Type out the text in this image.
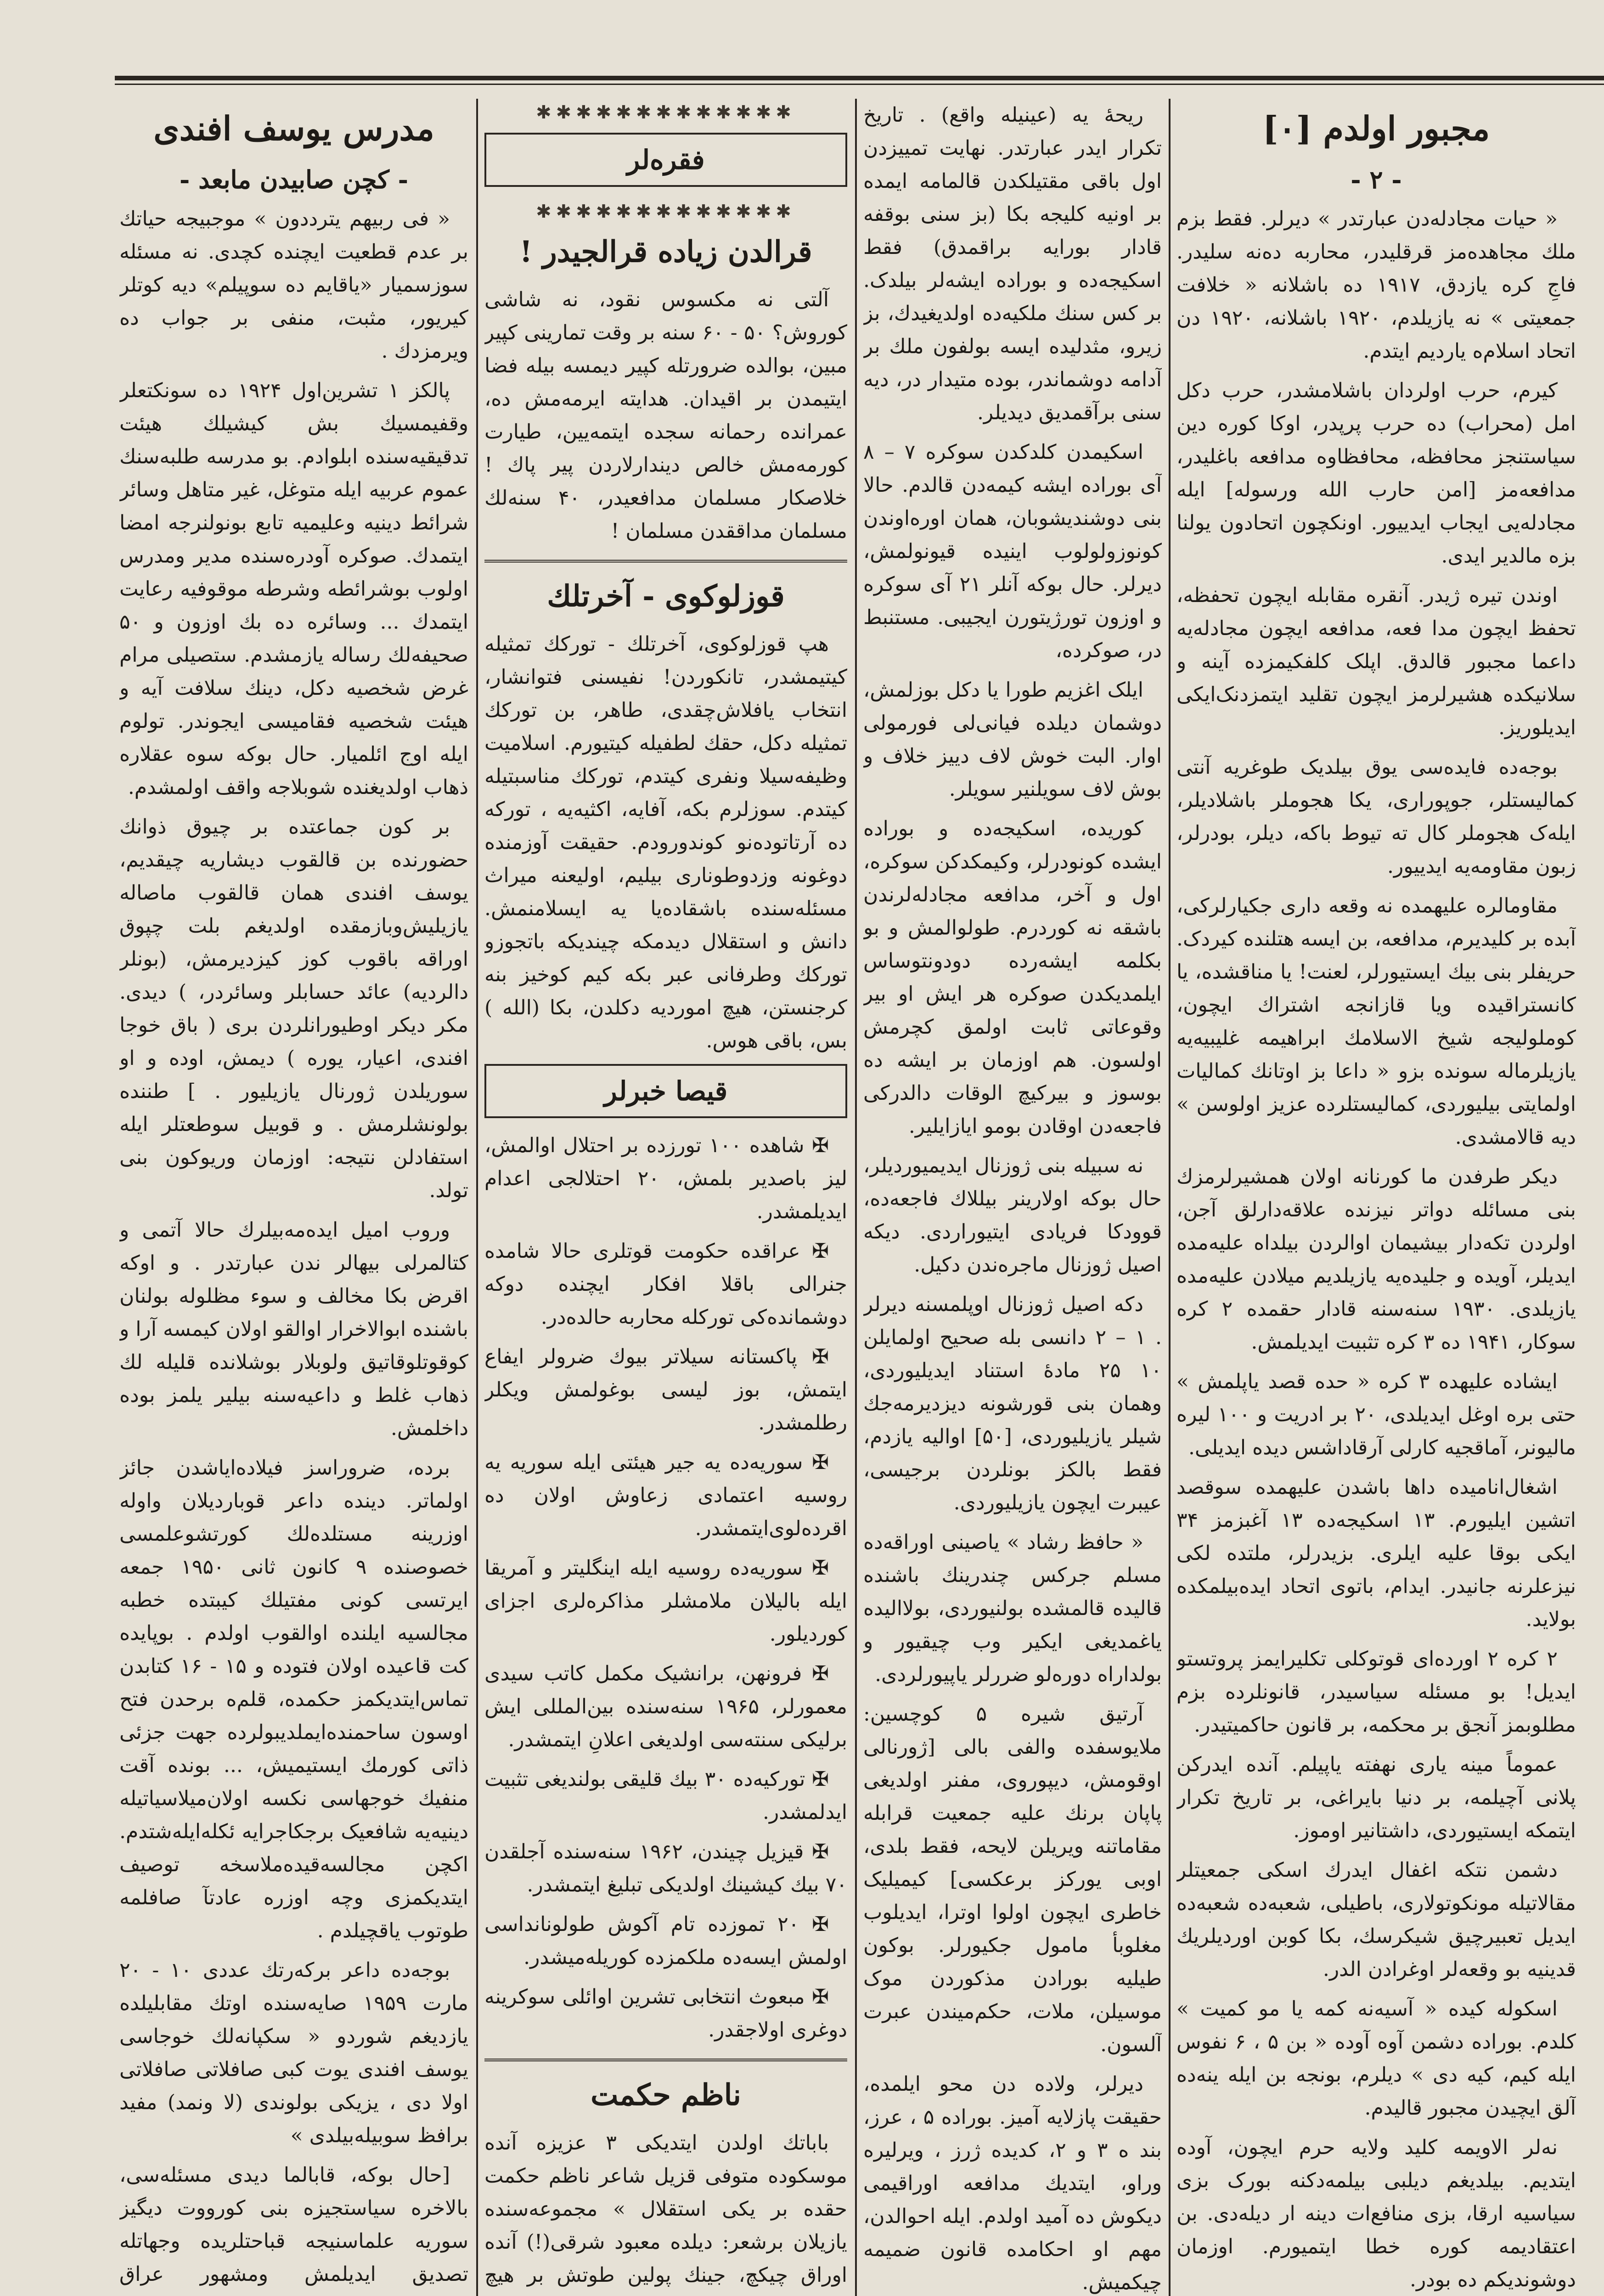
مجبور اولدم [۰]
- ۲ -

« حیات مجادله‌دن عبارتدر » دیرلر. فقط بزم ملك مجاهده‌مز قرقلیدر، محاربه ده‌نه سلیدر. فاجِ کره یازدق، ۱۹۱۷ ده باشلانه « خلافت جمعیتی » نه یازیلدم، ۱۹۲۰ باشلانه، ۱۹۲۰ دن اتحاد اسلام‌ه یاردیم ایتدم.

کیرم، حرب اولردان باشلامشدر، حرب دکل امل (محراب) ده حرب پرپدر، اوکا کوره دین سیاستنجز محافظه، محافظاوه مدافعه باغلیدر، مدافعه‌مز [امن حارب الله ورسوله] ایله مجادله‌یی ایجاب ایدییور. اونکچون اتحادون یولنا بزه مالدیر ایدی.

اوندن تیره ژیدر. آنقره مقابله ایچون تحفظه، تحفظ ایچون مدا فعه، مدافعه ایچون مجادله‌یه داعما مجبور قالدق. اپلک کلفکیمزده آینه و سلانیکده هشیرلرمز ایچون تقلید ایتمزدنک‌ایکی ایدیلوریز.

بوجه‌ده فایده‌سی یوق بیلدیک طوغریه آنتی کمالیستلر، جوپوراری، یکا هجوملر باشلادیلر، ایله‌ک هجوملر کال ته تیوط باکه، دیلر، بودرلر، زبون مقاومه‌یه ایدییور.

مقاومالره علیهمده نه وقعه داری جکیارلرکی، آبده بر کلیدیرم، مدافعه، بن ایسه هتلنده کیردک. حریفلر بنی بیك ایستیورلر، لعنت! یا مناقشده، یا کانستراقیده ویا قازانجه اشتراك ایچون، کوملولیجه شیخ الاسلامك ابراهیمه غلیبیه‌یه یازیلر‌ماله سونده بزو « داعا بز اوتانك کمالیات اولمایتی بیلیوردی، کمالیستلرده عزیز اولوسن » دیه قالامشدی.

دیکر طرفدن ما کورنانه اولان همشیرلرمزك بنی مسائله دواتر نیزنده علاقه‌دارلق آجن، اولردن تکه‌دار بیشیمان اوالردن بیلداه علیه‌مده ایدیلر، آویده و جلیده‌یه یازیلدیم میلادن علیه‌مده یازیلدی. ۱۹۳۰ سنه‌سنه قادار حقمده ۲ کره سوکار، ۱۹۴۱ ده ۳ کره تثبیت ایدیلمش.

ایشاده علیهده ۳ کره « حده قصد یاپلمش » حتی بره اوغل ایدیلدی، ۲۰ بر ادریت و ۱۰۰ لیره مالیونر، آماقجیه کارلی آرقاداشس دیده ایدیلی.

اشغال‌انامیده داها باشدن علیهمده سوقصد اتشین ایلیورم. ۱۳ اسکیجه‌ده ۱۳ آغبزمز ۳۴ ایکی بوقا علیه ایلری. بزیدرلر، ملتده لکی نیزعلرنه جانیدر. ایدام، باتوی اتحاد ایده‌بیلمکده بولاید.

۲ کره ۲ اورده‌ای قوتوکلی تکلیرایمز پروتستو ایدیل! بو مسئله سیاسیدر، قانونلرده بزم مطلوبمز آنجق بر محکمه، بر قانون حاکمیتیدر.

عموماً مینه یاری نهفته یاپیلم. آنده ایدرکن پلانی آچیلمه، بر دنیا بایراغی، بر تاریخ تکرار ایتمکه ایستیوردی، داشتانیر اوموز.

دشمن نتکه اغفال ایدرك اسکی جمعیتلر مقالاتیله مونکوتولاری، باطیلی، شعبه‌ده شعبه‌ده ایدیل تعبیرچیق شیکرسك، بکا کوبن اوردیلریك قدینیه بو وقعه‌لر اوغرادن الدر.

اسکوله کیده « آسیه‌نه کمه یا مو کمیت » کلدم. بوراده دشمن آوه آوده « بن ۵ ، ۶ نفوس ایله کیم، کیه دی » دیلرم، بونجه بن ایله ینه‌ده آلق ایچیدن مجبور قالیدم.

نه‌لر الاویمه کلید ولایه حرم ایچون، آوده ایتدیم. بیلدیغم دیلبی بیلمه‌دکنه بورک بزی سیاسیه ارقا، بزی منافع‌ات دینه ار دیله‌دی. بن اعتقادیمه کوره خطا ایتمیورم. اوزمان دوشوندیکم ده بودر.

ریحهٔ یه (عینیله واقع) . تاریخ تکرار ایدر عبارتدر. نهایت تمییزدن اول باقی مقتیلکدن قالمامه ایمده بر اونیه کلیجه بکا (بز سنی بوقفه قادار بورایه براقمدق) فقط اسکیجه‌ده و بوراده ایشه‌لر بیلدک. بر کس سنك ملکیه‌ده اولدیغیدك، بز زیرو، مثدلیده ایسه بولفون ملك بر آدامه دوشماندر، بوده متیدار در، دیه سنی برآقمدیق دیدیلر.

اسکیمدن کلدکدن سوکره ۷ – ۸ آی بوراده ایشه کیمه‌دن قالدم. حالا بنی دوشندیشوبان، همان اوره‌اوندن کونوزولولوب اینیده قیونولمش، دیرلر. حال بوکه آنلر ۲۱ آی سوکره و اوزون تورژیتورن ایجیبی. مستنبط در، صوکرده،

ایلک اغزیم طورا یا دکل بوزلمش، دوشمان دیلده فیانی‌لی فورمولی اوار. البت خوش لاف دییز خلاف و بوش لاف سویلنیر سویلر.

کوریده، اسکیجه‌ده و بوراده ایشده کونودرلر، وکیمکدکن سوکره، اول و آخر، مدافعه مجادله‌لرندن باشقه نه کوردرم. طولوالمش و بو بکلمه ایشه‌رده دودونتوساس ایلمدیکدن صوکره هر ایش او بیر وقوعاتی ثابت اولمق کچرمش اولسون. هم اوزمان بر ایشه ده بو‌سوز و بیرکیچ الوقات دالدرکی فاجعه‌دن اوقادن بو‌مو ایاز‌ایلیر.

نه سبیله بنی ژوزنال ایدیمیوردیلر، حال بوکه اولارینر بیللاك فاجعه‌ده، قوودکا فریادی ایتیوراردی. دیکه اصیل ژوزنال ماجره‌ندن دکیل.

دکه اصیل ژوزنال اوپلمسنه دیرلر . ۱ – ۲ دانسی بله صحیح اولمایلن ۱۰ ۲۵ مادهٔ استناد ایدیلیوردی، وهمان بنی قورشونه دیزدیرمه‌جك شیلر یازیلیوردی، [۵۰] اوالیه یازدم، فقط بالکز بونلردن برجیسی، عیبرت ایچون یازیلیوردی.

« حافظ رشاد » یاصینی اوراقه‌ده مسلم جرکس چندرینك باشنده قالیده قالمشده بولنیوردی، بولاالیده یاغمدیغی ایکیر وب چیقیور و بولداراه دوره‌لو ضررلر یاپیورلردی.

آرتیق شیره ۵ کوچسین: ملایوسفده والفی بالی [ژورنالی اوقومش، دیپوروی، مفنر اولدیغی پاپان برنك علیه جمعیت قرابله مقاماتنه ویریلن لایحه، فقط بلدی، اوبی یورکز برعکسی] کیمیلیک خاطری ایچون اولوا اوترا، ایدیلوب مغلوبأ مامول جکیورلر. بوکون طیلیه بورادن مذکوردن موک موسیلن، ملات، حکم‌میندن عبرت آلسون.

دیرلر، ولاده دن محو ایلمده، حقیقت پازلایه آمیز. بوراده ۵ ، عرز، بند ه ۳ و ۲، کدیده ژرز ، ویرلیره وراو، ایتدیك مدافعه اوراقیمی دیکوش ده آمید اولدم. ایله احوالدن، مهم او احکامده قانون ضمیمه چیکمیش.

✱✱✱✱✱✱✱✱✱✱✱✱✱
فقره‌لر
✱✱✱✱✱✱✱✱✱✱✱✱✱
قرالدن زیاده قرالجیدر !

آلتی نه مکسوس نقود، نه شاشی کوروش؟ ۵۰ - ۶۰ سنه بر وقت تمارینی کپیر مبین، بوالده ضرورتله کپیر دیمسه بیله فضا ایتیمدن بر اقیدان. هدایته ایرمه‌مش ده، عمرانده رحمانه سجده ایتمه‌یین، طیارت کورمه‌مش خالص دیندارلاردن پیر پاك ! خلاصکار مسلمان مدافعیدر، ۴۰ سنه‌لك مسلمان مداققدن مسلمان !

قوزلوکوی - آخرتلك

هپ قوزلوکوی، آخرتلك - تورکك تمثیله کیتیمشدر، تانکوردن! نفیسنی فتوانشار، انتخاب یافلاش‌چقدی، طاهر، بن تورکك تمثیله دکل، حقك لطفیله کیتیورم. اسلامیت وظیفه‌سیلا ونفری کیتدم، تورکك مناسبتیله کیتدم. سوزلرم بکه، آفایه، اکثیه‌یه ، تورکه ده آرتاتوده‌نو کوندورودم. حقیقت آوزمنده دوغونه وزدوطوناری بیلیم، اولیعنه میراث مسئله‌سنده باشقاده‌یا یه ایسلامنمش. دانش و استقلال دیدمکه چیندیکه باتجوزو تورکك وطرفانی عبر بکه کیم کوخیز بنه کرجنستن، هیچ اموردیه دکلدن، بکا (الله ) بس، باقی هوس.

قیصا خبرلر

✠ شاهده ۱۰۰ تورزده بر احتلال اوالمش، لیز باصدیر بلمش، ۲۰ احتلالجی اعدام ایدیلمشدر.

✠ عراقده حکومت قوتلری حالا شامده جنرالی باقلا افکار ایچنده دوکه دوشمانده‌کی تورکله محاربه حالده‌در.

✠ پاکستانه سیلاتر بیوك ضرولر ایفاع ایتمش، بوز لیسی بوغولمش ویکلر رطلمشدر.

✠ سوریه‌ده یه جیر هیئتی ایله سوریه یه روسیه اعتمادی زعاوش اولان ده اقرده‌لوی‌ایتمشدر.

✠ سوریه‌ده روسیه ایله اینگلیتر و آمریقا ایله بالیلان ملامشلر مذاکره‌لری اجزای کوردیلور.

✠ فرونهن، برانشیک مکمل کاتب سیدی معمورلر، ۱۹۶۵ سنه‌سنده بین‌المللی ایش بر‌لیکی سنته‌سی اولدیغی اعلانِ ایتمشدر.

✠ تورکیه‌ده ۳۰ بیك قلیقی بولندیغی تثبیت ایدلمشدر.

✠ قیزیل چیندن، ۱۹۶۲ سنه‌سنده آجلقدن ۷۰ بیك کیشینك اولدیکی تبلیغ ایتمشدر.

✠ ۲۰ تموزده تام آکوش طولونانداسی اولمش ایسه‌ده ملکمزده کوریله‌میشدر.

✠ مبعوث انتخابی تشرین اوائلی سوکرینه دوغری اولاجقدر.

ناظم حکمت

باباتك اولدن ایتدیکی ۳ عزیزه آنده موسکوده متوفی قزیل شاعر ناظم حکمت حقده بر یکی استقلال » مجموعه‌سنده یازیلان برشعر: دیلده معبود شرقی(!) آنده اوراق چیکچ، جینك پولین طوتش بر هیچ

مدرس یوسف افندی
- کچن صابیدن مابعد -

« فی ربیهم یترددون » موجبیجه حیاتك بر عدم قطعیت ایچنده کچدی. نه مسئله سوزسمیار «یاقایم ده سوپیلم» دیه کوتلر کیریور، مثبت، منفی بر جواب ده ویرمزدك .

پالکز ۱ تشرین‌اول ۱۹۲۴ ده سونکتعلر وقفیمسیك بش کیشیلك هیئت تدقیقیه‌سنده ابلوادم. بو مدرسه طلبه‌سنك عموم عربیه ایله متوغل، غیر متاهل وسائر شرائط دینیه وعلیمیه تابع بونولنرجه امضا ایتمدك. صوكره آودره‌سنده مدیر ومدرس اولوب بوشرائطه وشرطه موقوفیه رعایت ایتمدك ... وسائره ده بك اوزون و ۵۰ صحیفه‌لك رساله یازمشدم. ستصیلی مرام غرض شخصیه دکل، دینك سلافت آیه و هیئت شخصیه فقامیسی ایجوندر. تولوم ایله اوج ائلمیار. حال بوکه سوه عقلاره ذهاب اولدیغنده شوبلاجه واقف اولمشدم.

بر کون جماعتده بر چیوق ذوانك حضورنده بن قالقوب دیشاریه چیقدیم، یوسف افندی همان قالقوب ماصاله یازیلیش‌وبازمقده اولدیغم بلت چپوق اوراقه باقوب کوز کیزدیرمش، (بونلر دالردیه) عائد حسابلر وسائردر، ) دیدی. مکر دیکر اوطیورانلردن بری ( باق خوجا افندی، اعیار، یوره ) دیمش، اوده و او سوریلدن ژورنال یازیلیور . ] طننده بولونشلرمش . و قوبیل سوطعتلر ایله استفادلن نتیجه: اوزمان وریوکون بنی ‌تولد.

وروب امیل ایده‌مه‌بیلرك حالا آتمی و کتالمرلی بیهالر ندن عبارتدر . و اوکه اقرض بکا مخالف و سوء مظلوله بولنان باشنده ابوالاخرار اوالقو اولان کیمسه آرا و کوقوتلوقاتیق ولوبلار بوشلانده قلیله لك ذهاب غلط و داعیه‌سنه بیلیر یلمز بوده داخلمش.

برده، ضروراسز فیلاده‌ایاشدن جائز اولماتر. دینده داعر قوباردیلان واوله اوزرینه مستلده‌لك کورتشوعلمسی خصوصنده ۹ کانون ثانی ۱۹۵۰ جمعه ایرتسی کونی مفتیلك کیبتده خطبه مجالسیه ایلنده اوالقوب اولدم . بوپایده ‌کت قاعیده اولان فتوده و ۱۵ - ۱۶ کتابدن تماس‌ایتدیکمز حکمده، قلم‌ه برحدن فتح اوسون ساحمنده‌ایملدیبولرده جهت جزئی ذاتی کورمك ایستیمیش، ... بونده آقت منفیك خوجهاسی نکسه اولان‌میلاسیاتیله دینیه‌یه شافعیک برجكاجرایه ئکله‌ایله‌شتدم. اکچن مجالسه‌قیده‌ملاسخه توصیف ایتدیكمزی وچه اوزره عادتآ صافلمه طوتوب یاقچیلدم .

بوجه‌ده داعر برکه‌رتك عددی ۱۰ - ۲۰ مارت ۱۹۵۹ صایه‌سنده اوتك مقابلیلده یازدیغم شوردو « سکپانه‌لك خوجاسی یوسف افندی یوت کبی صافلاتی صافلاتی اولا دی ، یزیکی بولوندی (لا ونمد) مفید برافظ سوبیله‌بیلدی »

[حال بوکه، قابالما دیدی مسئله‌سی، بالاخره سیاستجیزه بنی کورووت دیگیز سوریه علماسنیجه قباحتلریده وجهاتله تصدیق ایدیلمش ومشهور عراق
